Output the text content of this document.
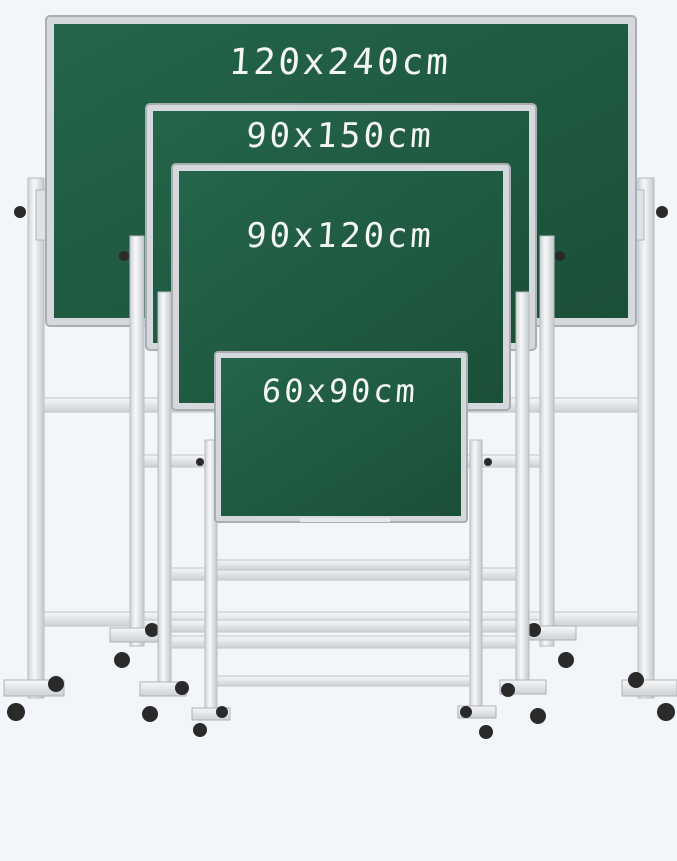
120x240cm
90x150cm
90x120cm
60x90cm
